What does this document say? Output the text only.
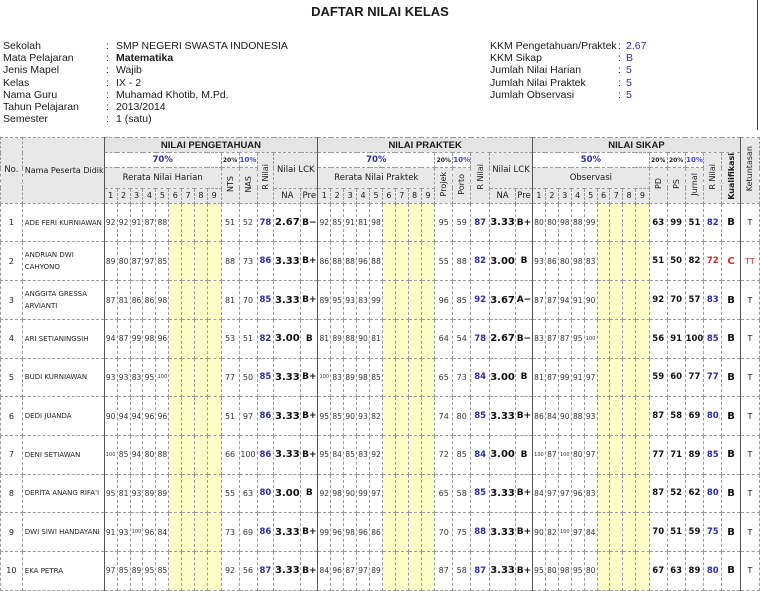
DAFTAR NILAI KELAS
Sekolah	: SMP NEGERI SWASTA INDONESIA
Mata Pelajaran	: Matematika
Jenis Mapel	: Wajib
Kelas	: IX - 2
Nama Guru	: Muhamad Khotib, M.Pd.
Tahun Pelajaran	: 2013/2014
Semester	: 1 (satu)
KKM Pengetahuan/Praktek : 2.67
KKM Sikap	: B
Jumlah Nilai Harian	: 5
Jumlah Nilai Praktek	: 5
Jumlah Observasi	: 5
No.	Nama Peserta Didik	NILAI PENGETAHUAN														NILAI PRAKTEK														NILAI SIKAP														Ketuntasan
		70%									20%	10%	R Nilai	Nilai LCK		70%									20%	10%	R Nilai	Nilai LCK		50%									20%	20%	10%	R Nilai	Kualifikasi	
		Rerata Nilai Harian									NTS	NAS				Rerata Nilai Praktek									Projek	Porto				Observasi									PD	PS	Jurnal			
		1	2	3	4	5	6	7	8	9				NA	Pre	1	2	3	4	5	6	7	8	9				NA	Pre	1	2	3	4	5	6	7	8	9						
1	ADE FERI KURNIAWAN	92	92	91	87	88					51	52	78	2.67	B−	92	85	91	81	98					95	59	87	3.33	B+	80	80	98	88	99					63	99	51	82	B	T
2	ANDRIAN DWI CAHYONO	89	80	87	97	85					88	73	86	3.33	B+	86	88	88	96	88					55	88	82	3.00	B	93	86	80	98	83					51	50	82	72	C	TT
3	ANGGITA GRESSA ARVIANTI	87	81	86	86	98					81	70	85	3.33	B+	89	95	93	83	99					96	85	92	3.67	A−	87	87	94	91	90					92	70	57	83	B	T
4	ARI SETIANINGSIH	94	87	99	98	96					53	51	82	3.00	B	81	89	88	90	81					64	54	78	2.67	B−	83	87	87	95	100					56	91	100	85	B	T
5	BUDI KURNIAWAN	93	93	83	95	100					77	50	85	3.33	B+	100	83	89	98	85					65	73	84	3.00	B	81	87	99	91	97					59	60	77	77	B	T
6	DEDI JUANDA	90	94	94	96	96					51	97	86	3.33	B+	95	85	90	93	82					74	80	85	3.33	B+	86	84	90	88	93					87	58	69	80	B	T
7	DENI SETIAWAN	100	85	94	80	88					66	100	86	3.33	B+	95	84	85	83	92					72	85	84	3.00	B	100	87	100	80	97					77	71	89	85	B	T
8	DERITA ANANG RIFA'I	95	81	93	89	89					55	63	80	3.00	B	92	98	90	99	97					65	58	85	3.33	B+	84	97	97	96	83					87	52	62	80	B	T
9	DWI SIWI HANDAYANI	91	93	100	96	84					73	69	86	3.33	B+	99	96	98	96	86					70	75	88	3.33	B+	90	82	100	97	84					70	51	59	75	B	T
10	EKA PETRA	97	85	89	95	85					92	56	87	3.33	B+	84	96	87	97	89					87	58	87	3.33	B+	95	80	98	95	80					67	63	89	80	B	T
